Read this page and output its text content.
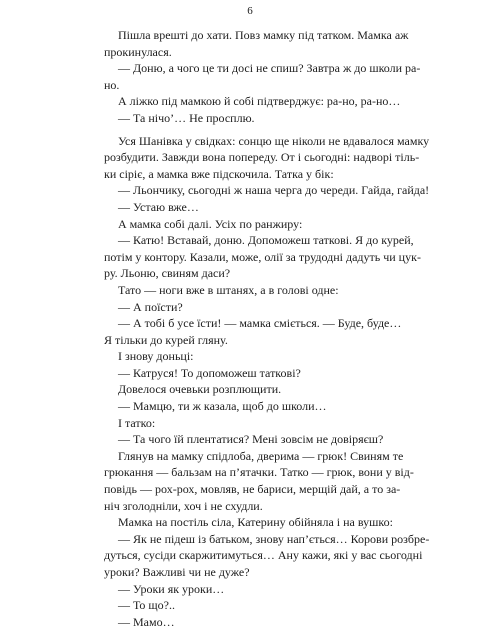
6
Пішла врешті до хати. Повз мамку під татком. Мамка аж
прокинулася.
— Доню, а чого це ти досі не спиш? Завтра ж до школи ра-
но.
А ліжко під мамкою й собі підтверджує: ра-но, ра-но…
— Та нічо’… Не просплю.
Уся Шанівка у свідках: сонцю ще ніколи не вдавалося мамку
розбудити. Завжди вона попереду. От і сьогодні: надворі тіль-
ки сіріє, а мамка вже підскочила. Татка у бік:
— Льончику, сьогодні ж наша черга до череди. Гайда, гайда!
— Устаю вже…
А мамка собі далі. Усіх по ранжиру:
— Катю! Вставай, доню. Допоможеш таткові. Я до курей,
потім у контору. Казали, може, олії за трудодні дадуть чи цук-
ру. Льоню, свиням даси?
Тато — ноги вже в штанях, а в голові одне:
— А поїсти?
— А тобі б усе їсти! — мамка сміється. — Буде, буде…
Я тільки до курей гляну.
І знову доньці:
— Катруся! То допоможеш таткові?
Довелося очевьки розплющити.
— Мамцю, ти ж казала, щоб до школи…
І татко:
— Та чого їй плентатися? Мені зовсім не довіряєш?
Глянув на мамку спідлоба, дверима — грюк! Свиням те
грюкання — бальзам на п’ятачки. Татко — грюк, вони у від-
повідь — рох-рох, мовляв, не бариси, мерщій дай, а то за-
ніч зголодніли, хоч і не схудли.
Мамка на постіль сіла, Катерину обійняла і на вушко:
— Як не підеш із батьком, знову нап’ється… Корови розбре-
дуться, сусіди скаржитимуться… Ану кажи, які у вас сьогодні
уроки? Важливі чи не дуже?
— Уроки як уроки…
— То що?..
— Мамо…
